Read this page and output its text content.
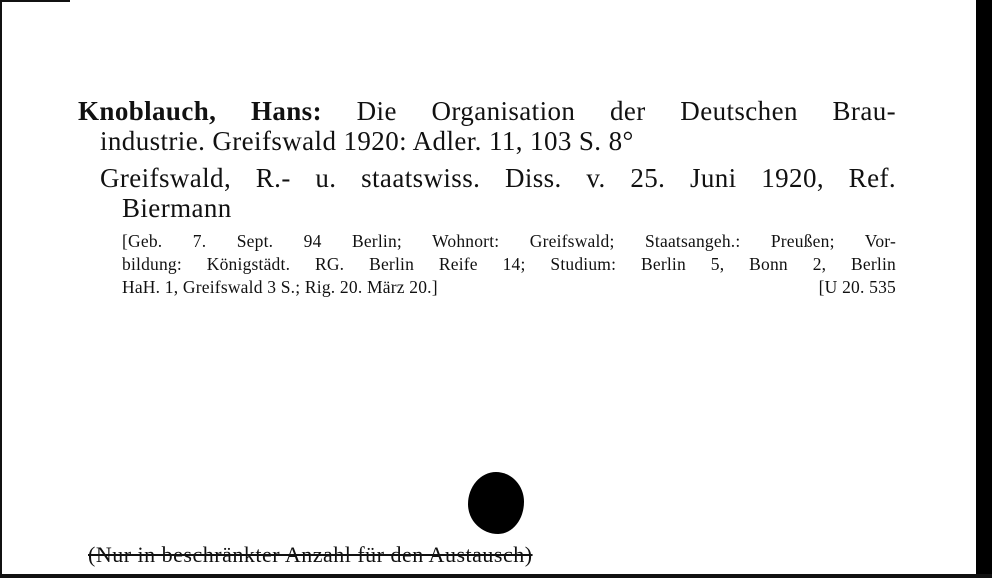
Knoblauch, Hans: Die Organisation der Deutschen Brau-
industrie. Greifswald 1920: Adler. 11, 103 S. 8°
Greifswald, R.- u. staatswiss. Diss. v. 25. Juni 1920, Ref.
Biermann
[Geb. 7. Sept. 94 Berlin; Wohnort: Greifswald; Staatsangeh.: Preußen; Vor-
bildung: Königstädt. RG. Berlin Reife 14; Studium: Berlin 5, Bonn 2, Berlin
HaH. 1, Greifswald 3 S.; Rig. 20. März 20.]	[U 20. 535
(Nur in beschränkter Anzahl für den Austausch)
